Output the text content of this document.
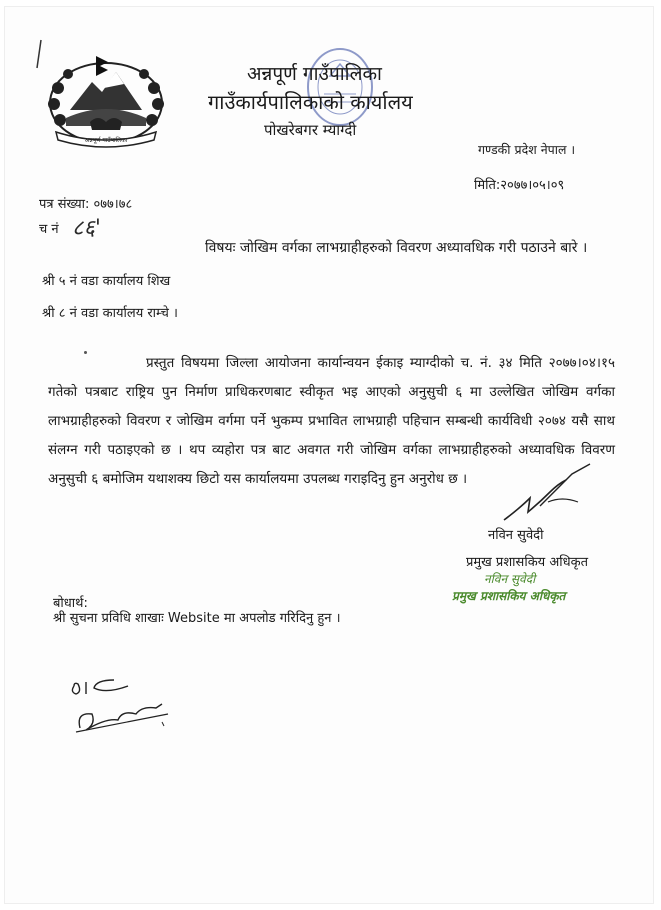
अन्नपूर्ण गाउँपालिका
अन्नपूर्ण गाउँपालिका
गाउँकार्यपालिकाको कार्यालय
पोखरेबगर म्याग्दी
गण्डकी प्रदेश नेपाल ।
मिति:२०७७।०५।०९
पत्र संख्या: ०७७।७८
च नं ८६'
विषयः जोखिम वर्गका लाभग्राहीहरुको विवरण अध्यावधिक गरी पठाउने बारे ।
श्री ५ नं वडा कार्यालय शिख
श्री ८ नं वडा कार्यालय राम्चे ।
प्रस्तुत विषयमा जिल्ला आयोजना कार्यान्वयन ईकाइ म्याग्दीको च. नं. ३४ मिति २०७७।०४।१५ गतेको पत्रबाट राष्ट्रिय पुन निर्माण प्राधिकरणबाट स्वीकृत भइ आएको अनुसुची ६ मा उल्लेखित जोखिम वर्गका लाभग्राहीहरुको विवरण र जोखिम वर्गमा पर्ने भुकम्प प्रभावित लाभग्राही पहिचान सम्बन्धी कार्यविधी २०७४ यसै साथ संलग्न गरी पठाइएको छ । थप व्यहोरा पत्र बाट अवगत गरी जोखिम वर्गका लाभग्राहीहरुको अध्यावधिक विवरण अनुसुची ६ बमोजिम यथाशक्य छिटो यस कार्यालयमा उपलब्ध गराइदिनु हुन अनुरोध छ ।
नविन सुवेदी
प्रमुख प्रशासकिय अधिकृत
नविन सुवेदी
प्रमुख प्रशासकिय अधिकृत
बोधार्थ:
श्री सुचना प्रविधि शाखाः Website मा अपलोड गरिदिनु हुन ।
